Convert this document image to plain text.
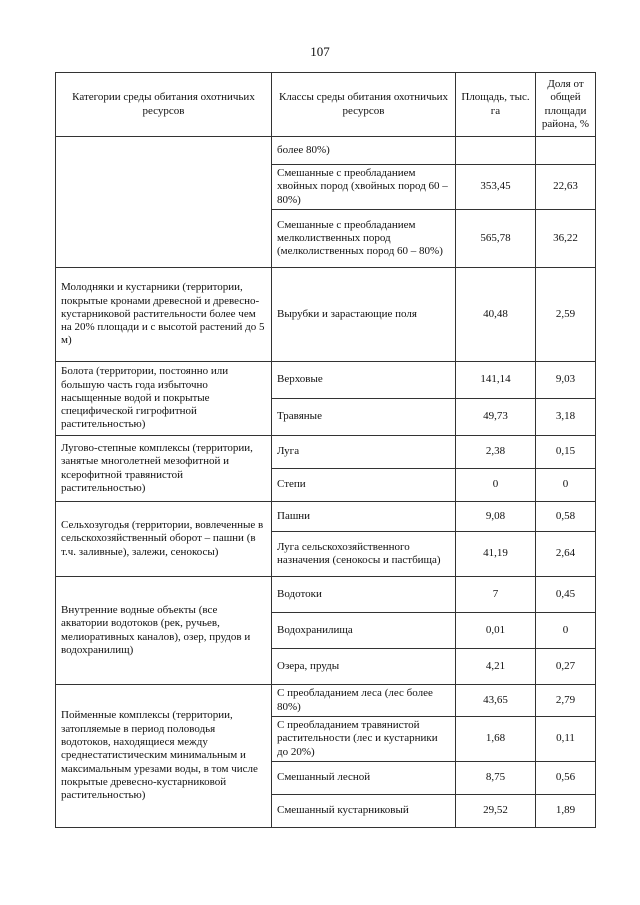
107
Категории среды обитания охотничьих ресурсов	Классы среды обитания охотничьих ресурсов	Площадь, тыс. га	Доля от общей площади района, %
	более 80%)		
	Смешанные с преобладанием хвойных пород (хвойных пород 60 – 80%)	353,45	22,63
	Смешанные с преобладанием мелколиственных пород (мелколиственных пород 60 – 80%)	565,78	36,22
Молодняки и кустарники (территории, покрытые кронами древесной и древесно-кустарниковой растительности более чем на 20% площади и с высотой растений до 5 м)	Вырубки и зарастающие поля	40,48	2,59
Болота (территории, постоянно или большую часть года избыточно насыщенные водой и покрытые специфической гигрофитной растительностью)	Верховые	141,14	9,03
	Травяные	49,73	3,18
Лугово-степные комплексы (территории, занятые многолетней мезофитной и ксерофитной травянистой растительностью)	Луга	2,38	0,15
	Степи	0	0
Сельхозугодья (территории, вовлеченные в сельскохозяйственный оборот – пашни (в т.ч. заливные), залежи, сенокосы)	Пашни	9,08	0,58
	Луга сельскохозяйственного назначения (сенокосы и пастбища)	41,19	2,64
Внутренние водные объекты (все акватории водотоков (рек, ручьев, мелиоративных каналов), озер, прудов и водохранилищ)	Водотоки	7	0,45
	Водохранилища	0,01	0
	Озера, пруды	4,21	0,27
Пойменные комплексы (территории, затопляемые в период половодья водотоков, находящиеся между среднестатистическим минимальным и максимальным урезами воды, в том числе покрытые древесно-кустарниковой растительностью)	С преобладанием леса (лес более 80%)	43,65	2,79
	С преобладанием травянистой растительности (лес и кустарники до 20%)	1,68	0,11
	Смешанный лесной	8,75	0,56
	Смешанный кустарниковый	29,52	1,89
